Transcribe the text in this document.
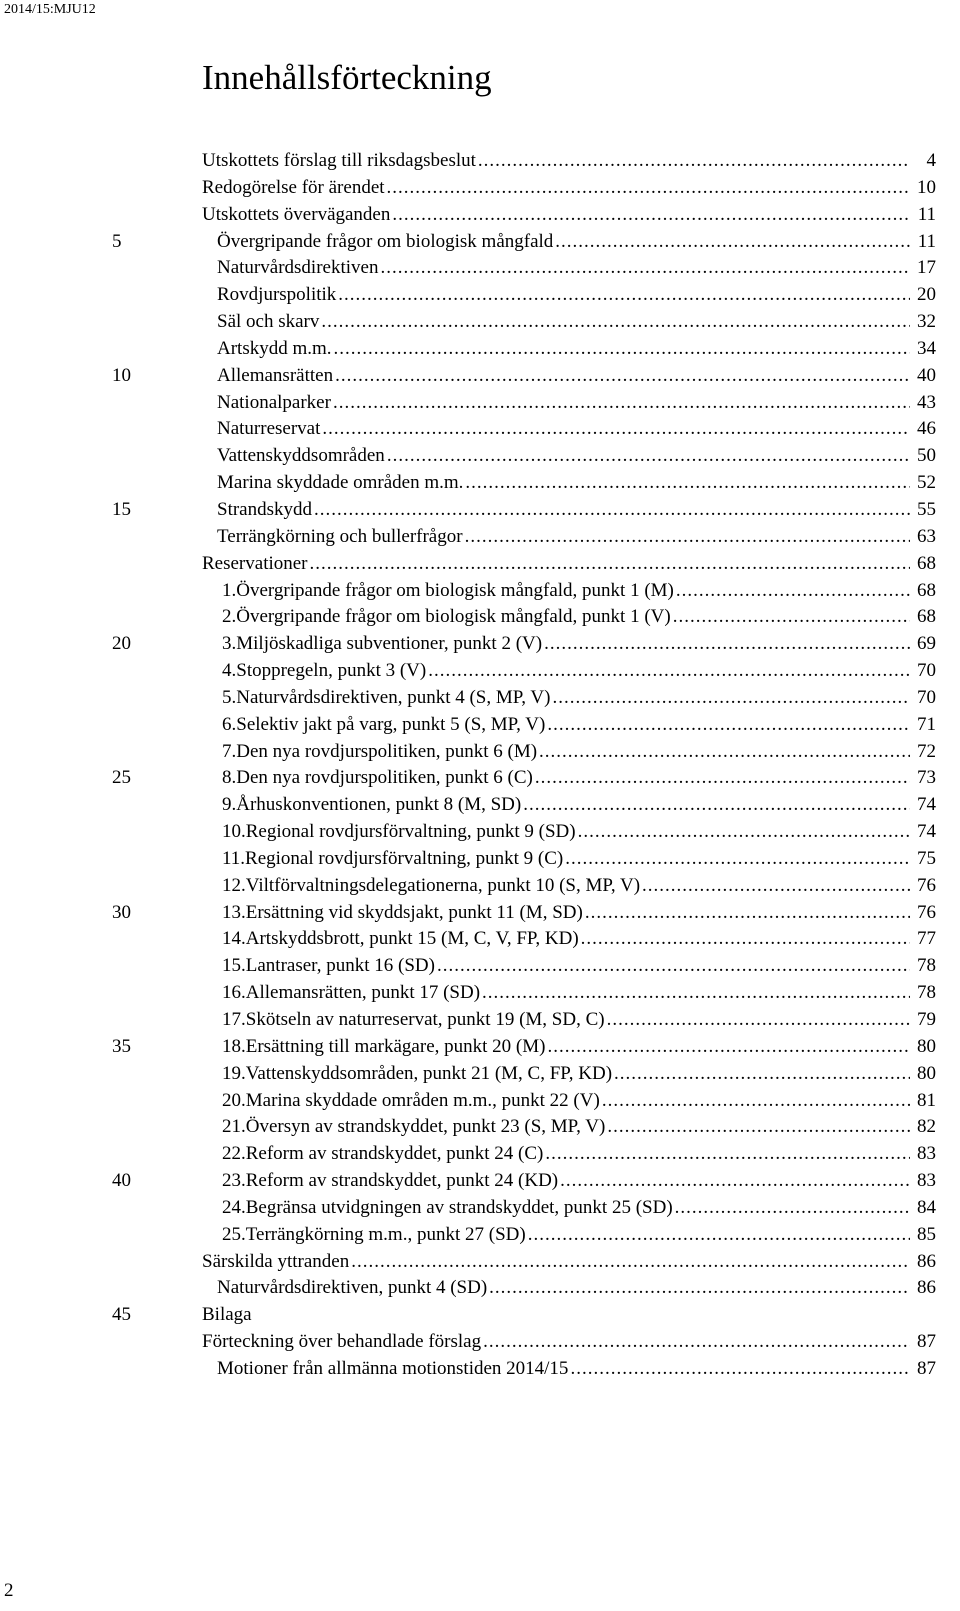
2014/15:MJU12
Innehållsförteckning
Utskottets förslag till riksdagsbeslut .....	4
Redogörelse för ärendet .....	10
Utskottets överväganden .....	11
5	Övergripande frågor om biologisk mångfald .....	11
Naturvårdsdirektiven .....	17
Rovdjurspolitik .....	20
Säl och skarv .....	32
Artskydd m.m. .....	34
10	Allemansrätten .....	40
Nationalparker .....	43
Naturreservat .....	46
Vattenskyddsområden .....	50
Marina skyddade områden m.m. .....	52
15	Strandskydd .....	55
Terrängkörning och bullerfrågor .....	63
Reservationer .....	68
1. Övergripande frågor om biologisk mångfald, punkt 1 (M) .....	68
2. Övergripande frågor om biologisk mångfald, punkt 1 (V) .....	68
20	3. Miljöskadliga subventioner, punkt 2 (V) .....	69
4. Stoppregeln, punkt 3 (V) .....	70
5. Naturvårdsdirektiven, punkt 4 (S, MP, V) .....	70
6. Selektiv jakt på varg, punkt 5 (S, MP, V) .....	71
7. Den nya rovdjurspolitiken, punkt 6 (M) .....	72
25	8. Den nya rovdjurspolitiken, punkt 6 (C) .....	73
9. Århuskonventionen, punkt 8 (M, SD) .....	74
10. Regional rovdjursförvaltning, punkt 9 (SD) .....	74
11. Regional rovdjursförvaltning, punkt 9 (C) .....	75
12. Viltförvaltningsdelegationerna, punkt 10 (S, MP, V) .....	76
30	13. Ersättning vid skyddsjakt, punkt 11 (M, SD) .....	76
14. Artskyddsbrott, punkt 15 (M, C, V, FP, KD) .....	77
15. Lantraser, punkt 16 (SD) .....	78
16. Allemansrätten, punkt 17 (SD) .....	78
17. Skötseln av naturreservat, punkt 19 (M, SD, C) .....	79
35	18. Ersättning till markägare, punkt 20 (M) .....	80
19. Vattenskyddsområden, punkt 21 (M, C, FP, KD) .....	80
20. Marina skyddade områden m.m., punkt 22 (V) .....	81
21. Översyn av strandskyddet, punkt 23 (S, MP, V) .....	82
22. Reform av strandskyddet, punkt 24 (C) .....	83
40	23. Reform av strandskyddet, punkt 24 (KD) .....	83
24. Begränsa utvidgningen av strandskyddet, punkt 25 (SD) .....	84
25. Terrängkörning m.m., punkt 27 (SD) .....	85
Särskilda yttranden .....	86
Naturvårdsdirektiven, punkt 4 (SD) .....	86
45	Bilaga
Förteckning över behandlade förslag .....	87
Motioner från allmänna motionstiden 2014/15 .....	87
2
